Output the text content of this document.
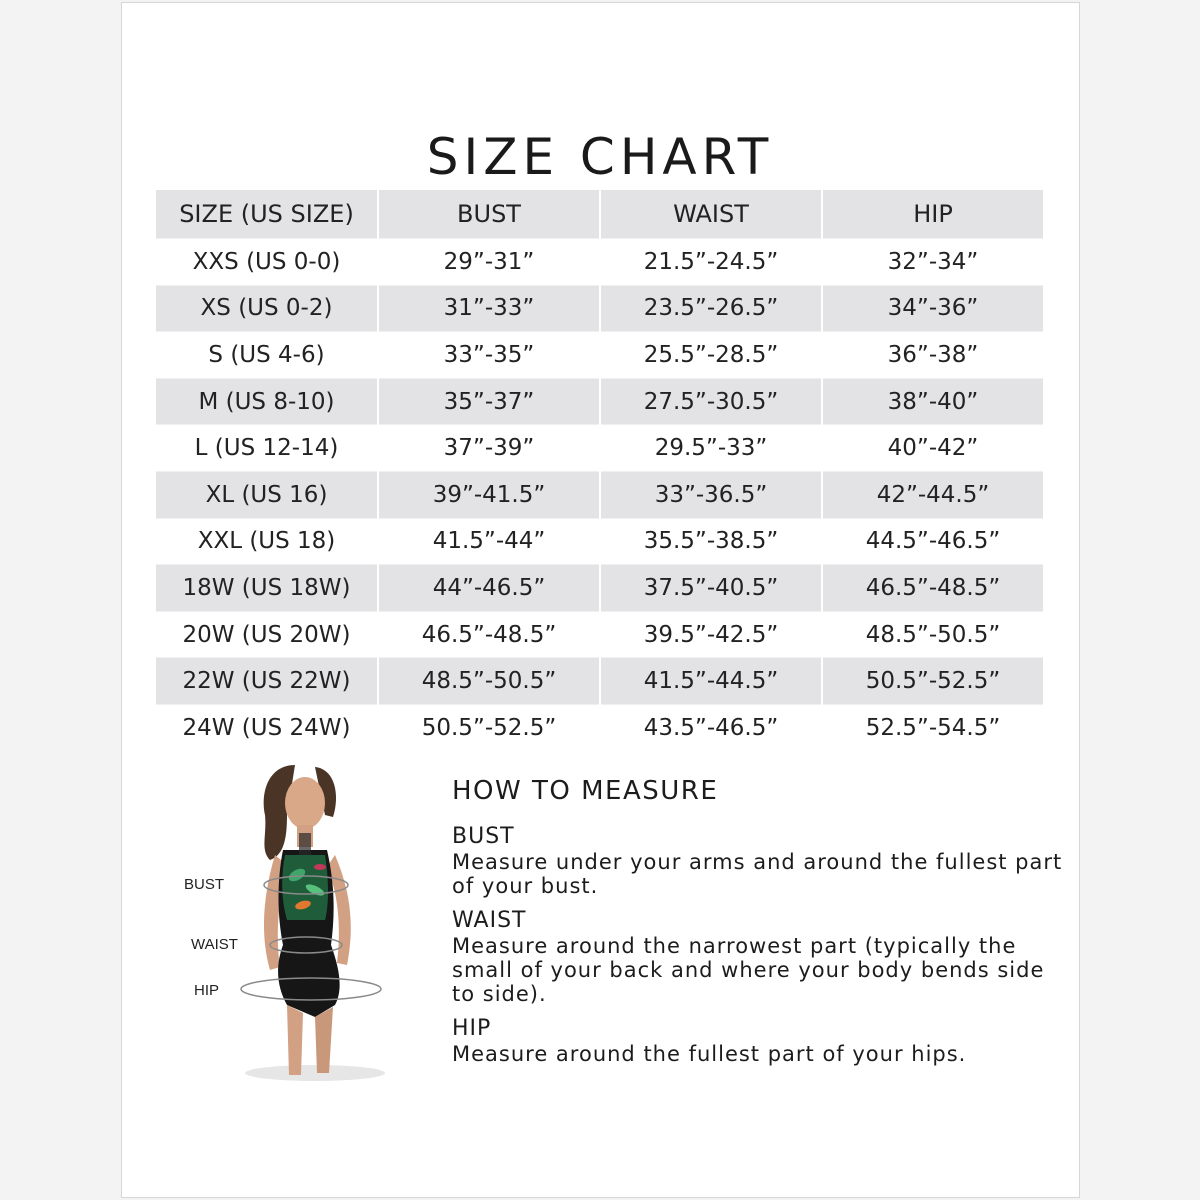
SIZE CHART
SIZE (US SIZE)	BUST	WAIST	HIP
XXS (US 0-0)	29”-31”	21.5”-24.5”	32”-34”
XS (US 0-2)	31”-33”	23.5”-26.5”	34”-36”
S (US 4-6)	33”-35”	25.5”-28.5”	36”-38”
M (US 8-10)	35”-37”	27.5”-30.5”	38”-40”
L (US 12-14)	37”-39”	29.5”-33”	40”-42”
XL (US 16)	39”-41.5”	33”-36.5”	42”-44.5”
XXL (US 18)	41.5”-44”	35.5”-38.5”	44.5”-46.5”
18W (US 18W)	44”-46.5”	37.5”-40.5”	46.5”-48.5”
20W (US 20W)	46.5”-48.5”	39.5”-42.5”	48.5”-50.5”
22W (US 22W)	48.5”-50.5”	41.5”-44.5”	50.5”-52.5”
24W (US 24W)	50.5”-52.5”	43.5”-46.5”	52.5”-54.5”
BUST
WAIST
HIP
HOW TO MEASURE
BUST
Measure under your arms and around the fullest part of your bust.
WAIST
Measure around the narrowest part (typically the small of your back and where your body bends side to side).
HIP
Measure around the fullest part of your hips.
